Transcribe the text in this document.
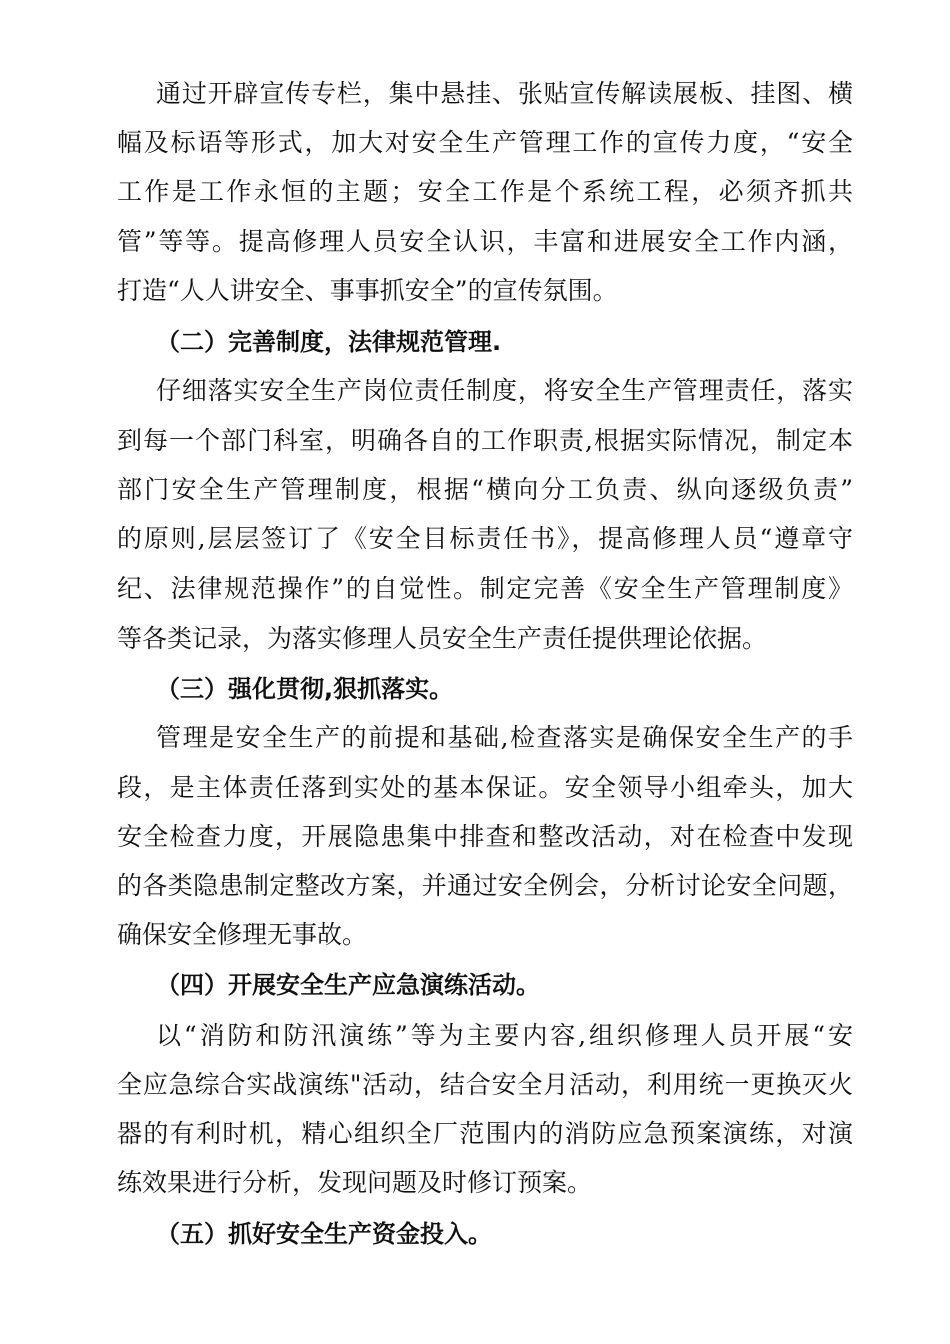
通过开辟宣传专栏，集中悬挂、张贴宣传解读展板、挂图、横
幅及标语等形式，加大对安全生产管理工作的宣传力度，“安全
工作是工作永恒的主题；安全工作是个系统工程，必须齐抓共
管”等等。提高修理人员安全认识，丰富和进展安全工作内涵，
打造“人人讲安全、事事抓安全”的宣传氛围。
（二）完善制度，法律规范管理.
仔细落实安全生产岗位责任制度，将安全生产管理责任，落实
到每一个部门科室，明确各自的工作职责,根据实际情况，制定本
部门安全生产管理制度，根据“横向分工负责、纵向逐级负责”
的原则,层层签订了《安全目标责任书》，提高修理人员“遵章守
纪、法律规范操作”的自觉性。制定完善《安全生产管理制度》
等各类记录，为落实修理人员安全生产责任提供理论依据。
（三）强化贯彻,狠抓落实。
管理是安全生产的前提和基础,检查落实是确保安全生产的手
段，是主体责任落到实处的基本保证。安全领导小组牵头，加大
安全检查力度，开展隐患集中排查和整改活动，对在检查中发现
的各类隐患制定整改方案，并通过安全例会，分析讨论安全问题，
确保安全修理无事故。
（四）开展安全生产应急演练活动。
以“消防和防汛演练”等为主要内容,组织修理人员开展“安
全应急综合实战演练"活动，结合安全月活动，利用统一更换灭火
器的有利时机，精心组织全厂范围内的消防应急预案演练，对演
练效果进行分析，发现问题及时修订预案。
（五）抓好安全生产资金投入。
